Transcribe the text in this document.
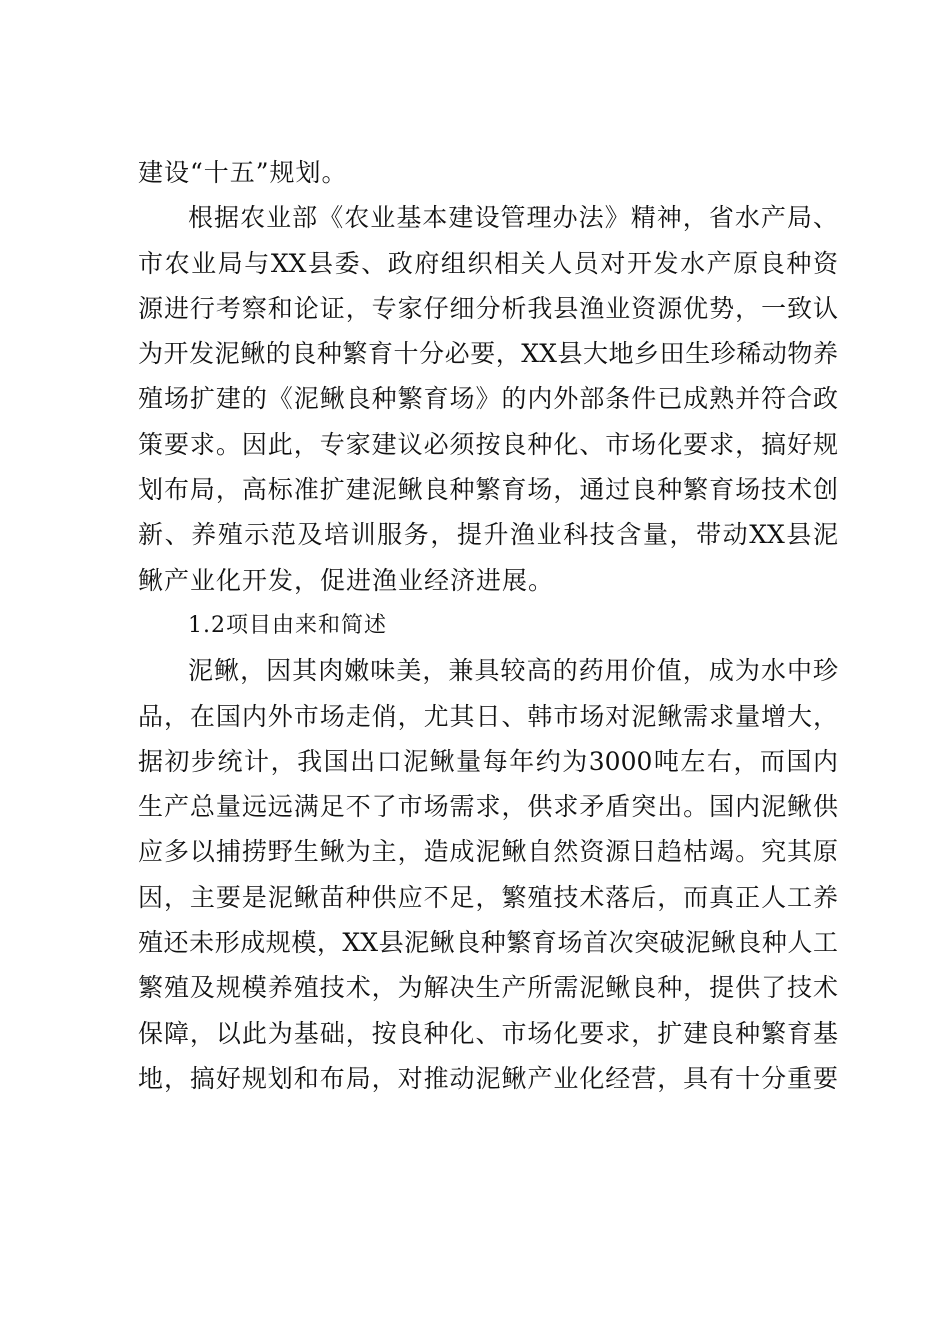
建设“十五”规划。
根据农业部《农业基本建设管理办法》精神，省水产局、
市农业局与XX县委、政府组织相关人员对开发水产原良种资
源进行考察和论证，专家仔细分析我县渔业资源优势，一致认
为开发泥鳅的良种繁育十分必要，XX县大地乡田生珍稀动物养
殖场扩建的《泥鳅良种繁育场》的内外部条件已成熟并符合政
策要求。因此，专家建议必须按良种化、市场化要求，搞好规
划布局，高标准扩建泥鳅良种繁育场，通过良种繁育场技术创
新、养殖示范及培训服务，提升渔业科技含量，带动XX县泥
鳅产业化开发，促进渔业经济进展。
1.2项目由来和简述
泥鳅，因其肉嫩味美，兼具较高的药用价值，成为水中珍
品，在国内外市场走俏，尤其日、韩市场对泥鳅需求量增大，
据初步统计，我国出口泥鳅量每年约为3000吨左右，而国内
生产总量远远满足不了市场需求，供求矛盾突出。国内泥鳅供
应多以捕捞野生鳅为主，造成泥鳅自然资源日趋枯竭。究其原
因，主要是泥鳅苗种供应不足，繁殖技术落后，而真正人工养
殖还未形成规模，XX县泥鳅良种繁育场首次突破泥鳅良种人工
繁殖及规模养殖技术，为解决生产所需泥鳅良种，提供了技术
保障，以此为基础，按良种化、市场化要求，扩建良种繁育基
地，搞好规划和布局，对推动泥鳅产业化经营，具有十分重要
